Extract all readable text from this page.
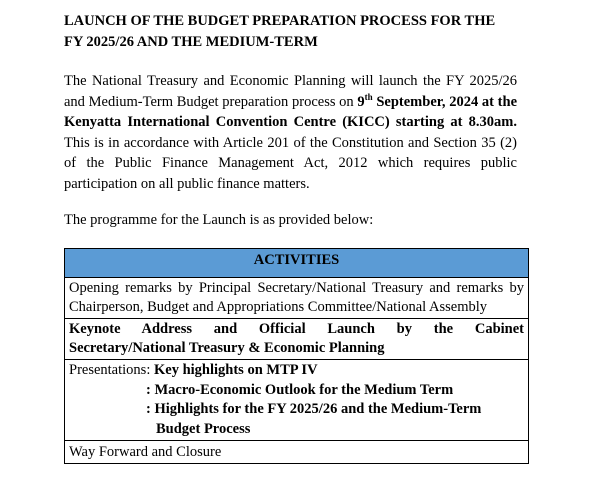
LAUNCH OF THE BUDGET PREPARATION PROCESS FOR THE
FY 2025/26 AND THE MEDIUM-TERM
The National Treasury and Economic Planning will launch the FY 2025/26 and Medium-Term Budget preparation process on 9th September, 2024 at the Kenyatta International Convention Centre (KICC) starting at 8.30am. This is in accordance with Article 201 of the Constitution and Section 35 (2) of the Public Finance Management Act, 2012 which requires public participation on all public finance matters.
The programme for the Launch is as provided below:
ACTIVITIES
Opening remarks by Principal Secretary/National Treasury and remarks by Chairperson, Budget and Appropriations Committee/National Assembly

Keynote Address and Official Launch by the Cabinet
Secretary/National Treasury & Economic Planning
Presentations: Key highlights on MTP IV
: Macro-Economic Outlook for the Medium Term
: Highlights for the FY 2025/26 and the Medium-Term
Budget Process

Way Forward and Closure
